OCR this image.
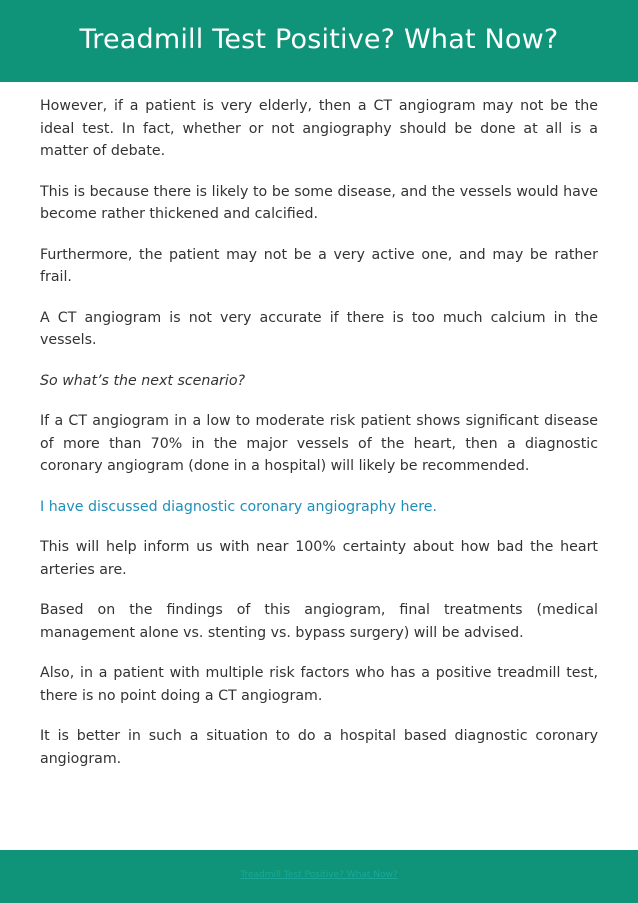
Treadmill Test Positive? What Now?

However, if a patient is very elderly, then a CT angiogram may not be the ideal test. In fact, whether or not angiography should be done at all is a matter of debate.

This is because there is likely to be some disease, and the vessels would have become rather thickened and calcified.

Furthermore, the patient may not be a very active one, and may be rather frail.

A CT angiogram is not very accurate if there is too much calcium in the vessels.

So what’s the next scenario?

If a CT angiogram in a low to moderate risk patient shows significant disease of more than 70% in the major vessels of the heart, then a diagnostic coronary angiogram (done in a hospital) will likely be recommended.

I have discussed diagnostic coronary angiography here.

This will help inform us with near 100% certainty about how bad the heart arteries are.

Based on the findings of this angiogram, final treatments (medical management alone vs. stenting vs. bypass surgery) will be advised.

Also, in a patient with multiple risk factors who has a positive treadmill test, there is no point doing a CT angiogram.

It is better in such a situation to do a hospital based diagnostic coronary angiogram.

Treadmill Test Positive? What Now?
